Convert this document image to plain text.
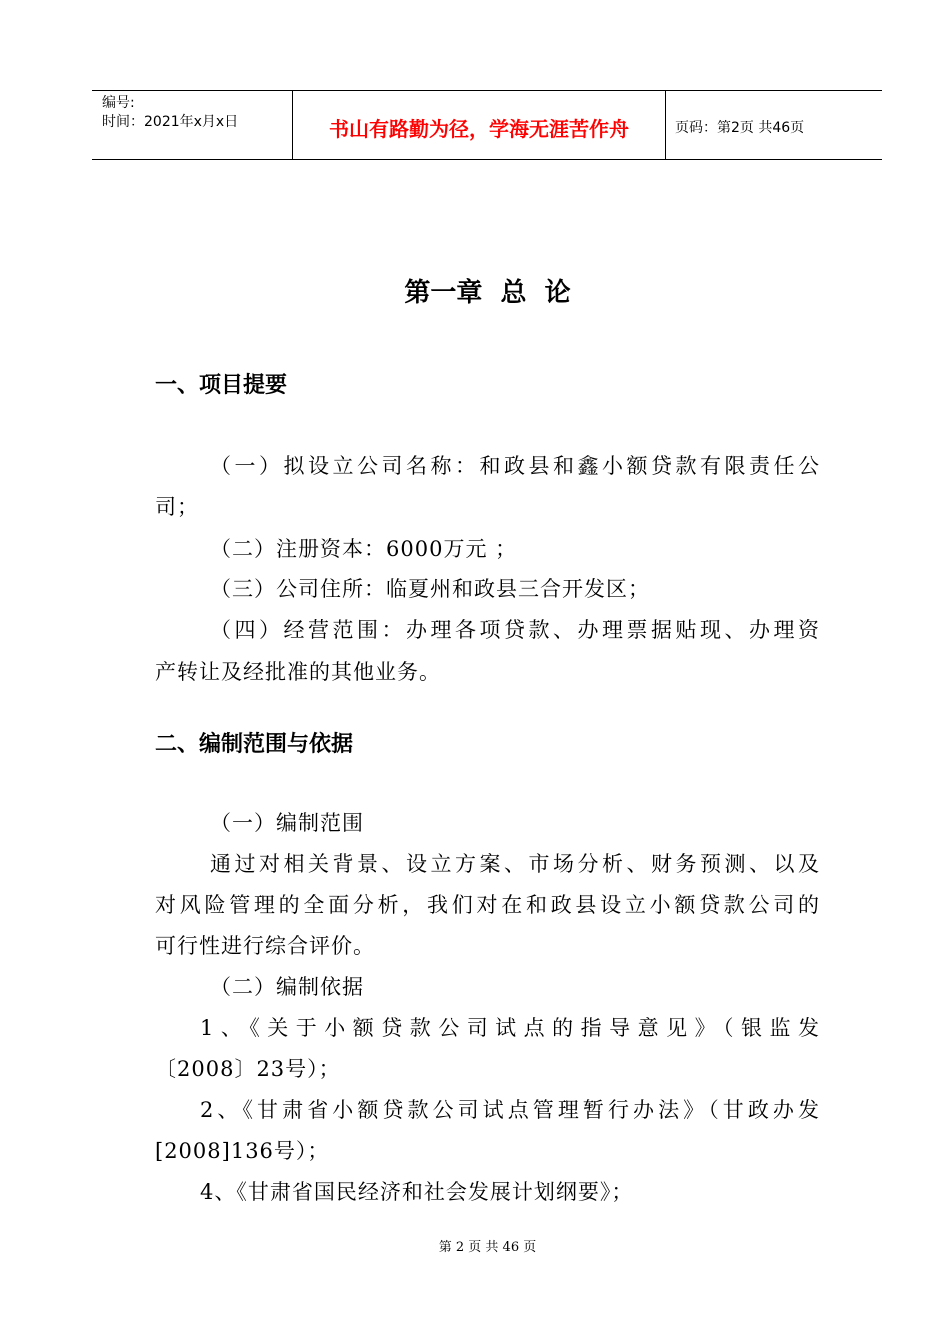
编号:
时间：2021年x月x日	书山有路勤为径，学海无涯苦作舟	页码：第2页 共46页
第一章  总  论
一、项目提要
（一）拟设立公司名称：和政县和鑫小额贷款有限责任公
司；
（二）注册资本：6000万元 ；
（三）公司住所：临夏州和政县三合开发区；
（四）经营范围：办理各项贷款、办理票据贴现、办理资
产转让及经批准的其他业务。
二、编制范围与依据
（一）编制范围
通过对相关背景、设立方案、市场分析、财务预测、以及
对风险管理的全面分析，我们对在和政县设立小额贷款公司的
可行性进行综合评价。
（二）编制依据
1、《关于小额贷款公司试点的指导意见》（银监发
〔2008〕23号）；
2、《甘肃省小额贷款公司试点管理暂行办法》（甘政办发
[2008]136号）；
4、《甘肃省国民经济和社会发展计划纲要》；
第 2 页 共 46 页
